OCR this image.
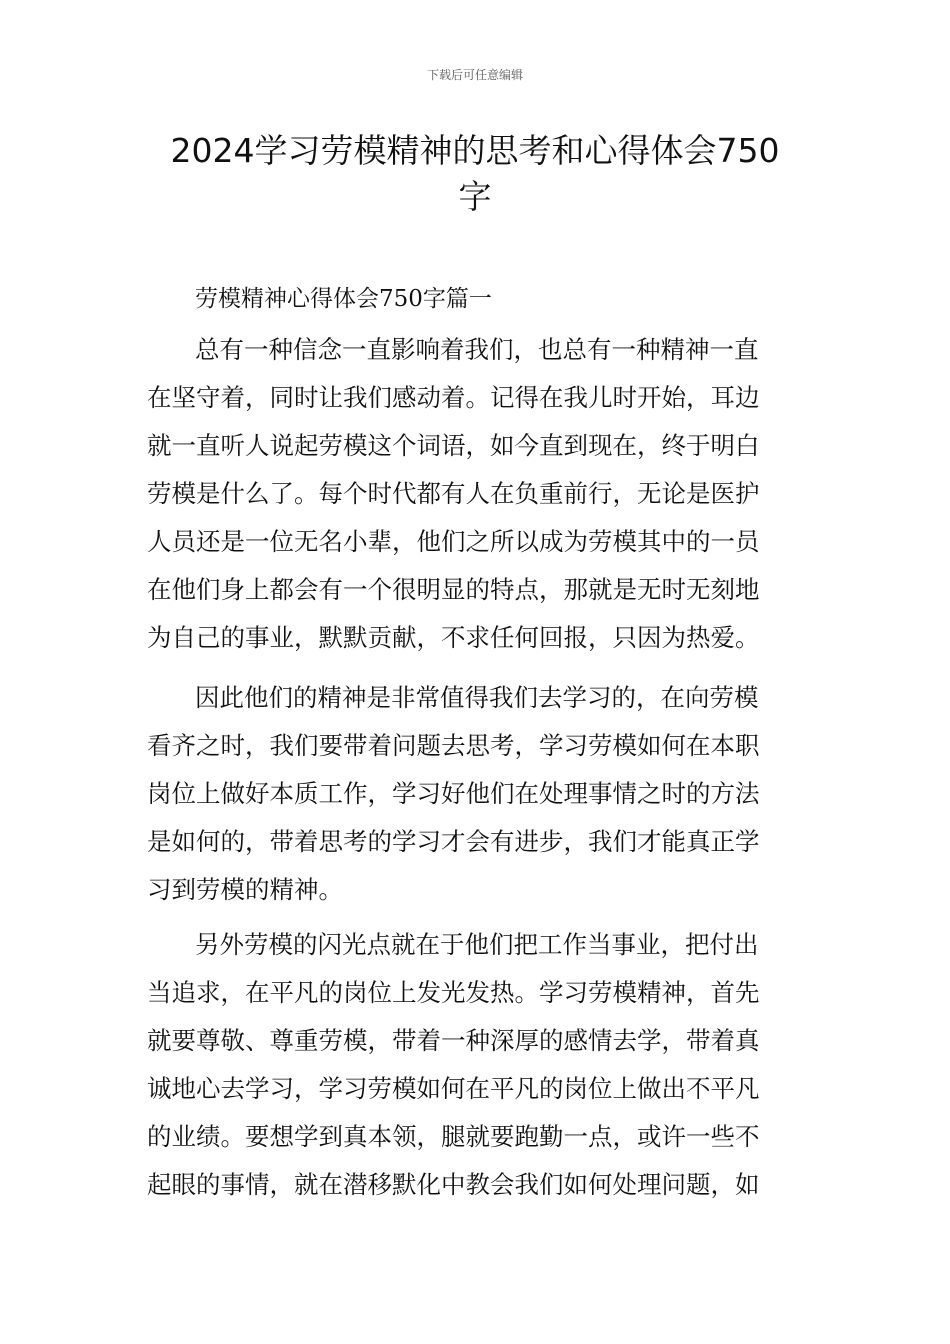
下载后可任意编辑
2024学习劳模精神的思考和心得体会750
字
劳模精神心得体会750字篇一
总有一种信念一直影响着我们，也总有一种精神一直
在坚守着，同时让我们感动着。记得在我儿时开始，耳边
就一直听人说起劳模这个词语，如今直到现在，终于明白
劳模是什么了。每个时代都有人在负重前行，无论是医护
人员还是一位无名小辈，他们之所以成为劳模其中的一员
在他们身上都会有一个很明显的特点，那就是无时无刻地
为自己的事业，默默贡献，不求任何回报，只因为热爱。
因此他们的精神是非常值得我们去学习的，在向劳模
看齐之时，我们要带着问题去思考，学习劳模如何在本职
岗位上做好本质工作，学习好他们在处理事情之时的方法
是如何的，带着思考的学习才会有进步，我们才能真正学
习到劳模的精神。
另外劳模的闪光点就在于他们把工作当事业，把付出
当追求，在平凡的岗位上发光发热。学习劳模精神，首先
就要尊敬、尊重劳模，带着一种深厚的感情去学，带着真
诚地心去学习，学习劳模如何在平凡的岗位上做出不平凡
的业绩。要想学到真本领，腿就要跑勤一点，或许一些不
起眼的事情，就在潜移默化中教会我们如何处理问题，如
